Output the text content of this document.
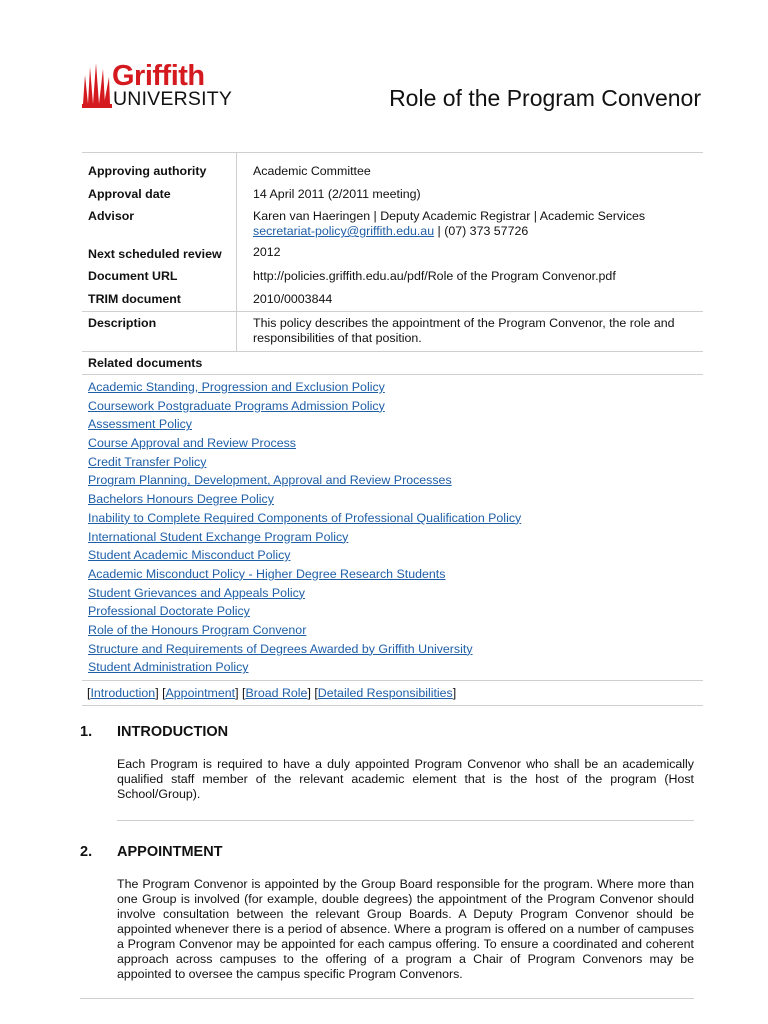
Griffith
UNIVERSITY	Role of the Program Convenor
Approving authority	Academic Committee
Approval date	14 April 2011 (2/2011 meeting)
Advisor	Karen van Haeringen | Deputy Academic Registrar | Academic Services
secretariat-policy@griffith.edu.au | (07) 373 57726
Next scheduled review	2012
Document URL	http://policies.griffith.edu.au/pdf/Role of the Program Convenor.pdf
TRIM document	2010/0003844
Description	This policy describes the appointment of the Program Convenor, the role and responsibilities of that position.
Related documents
Academic Standing, Progression and Exclusion Policy
Coursework Postgraduate Programs Admission Policy
Assessment Policy
Course Approval and Review Process
Credit Transfer Policy
Program Planning, Development, Approval and Review Processes
Bachelors Honours Degree Policy
Inability to Complete Required Components of Professional Qualification Policy
International Student Exchange Program Policy
Student Academic Misconduct Policy
Academic Misconduct Policy - Higher Degree Research Students
Student Grievances and Appeals Policy
Professional Doctorate Policy
Role of the Honours Program Convenor
Structure and Requirements of Degrees Awarded by Griffith University
Student Administration Policy
[Introduction] [Appointment] [Broad Role] [Detailed Responsibilities]
1. INTRODUCTION
Each Program is required to have a duly appointed Program Convenor who shall be an academically qualified staff member of the relevant academic element that is the host of the program (Host School/Group).
2. APPOINTMENT
The Program Convenor is appointed by the Group Board responsible for the program. Where more than one Group is involved (for example, double degrees) the appointment of the Program Convenor should involve consultation between the relevant Group Boards. A Deputy Program Convenor should be appointed whenever there is a period of absence. Where a program is offered on a number of campuses a Program Convenor may be appointed for each campus offering. To ensure a coordinated and coherent approach across campuses to the offering of a program a Chair of Program Convenors may be appointed to oversee the campus specific Program Convenors.
